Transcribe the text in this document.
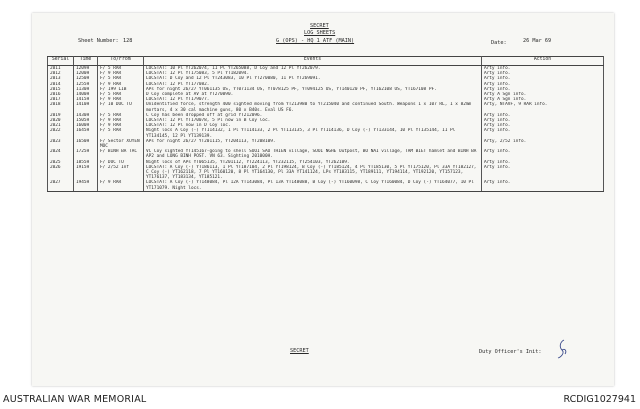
SECRET
LOG SHEETS
Sheet Number: 128	G (OPS) - HQ 1 ATF (MAIN)	Date:	26 Mar 69
Serial	Time	To/From	Events	Action
2011	1209H	F/ 5 RAR	LOCSTAT: 10 Pl YT262074, 11 Pl YT265088, D Coy and 12 Pl YT262079.	Arty info.
2012	1200H	F/ 9 RAR	LOCSTAT: 12 Pl YT175083, 5 Pl YT182094.	Arty info.
2013	1250H	F/ 5 RAR	LOCSTAT: D Coy and 12 Pl YT243083, 10 Pl YT270080, 11 Pl YT269091.	Arty info.
2014	1255H	F/ 9 RAR	LOCSTAT: 12 Pl YT177082.	Arty info.
2015	1130H	F/ 199 LIB	APs for night 26/27 YT061135 US, YT071134 US, YT078125 PF, YT094125 US, YT140120 PF, YT162108 US, YT167108 PF.	Arty info.
2016	1400H	F/ 5 RAR	D Coy complete at AV at YT270090.	Arty A Sgn info.
2017	1415H	F/ 9 RAR	LOCSTAT: 12 Pl YT179077.	Arty A Sgn info.
2018	1410H	F/ 10 DUC TU	Unidentified force, strength 400 sighted moving from YT213980 to YT215040 and continued South. Weapons 1 x 107 RL, 1 x 82mm mortars, 4 x 30 cal machine guns, 80 x B40s. Eval US F6.	Arty, NTAVF, 9 RAR info.
2019	1430H	F/ 5 RAR	C Coy has been dropped off at grid YT212096.	Arty info.
2020	1505H	F/ 9 RAR	LOCSTAT: 12 Pl YT170078, 5 Pl now in B Coy loc.	Arty info.
2021	1600H	F/ 9 RAR	LOCSTAT: 12 Pl now in D Coy loc.	Arty info.
2022	1645H	F/ 5 RAR	Night locs A Coy (-) YT114132, 1 Pl YT114133, 2 Pl YT113135, 3 Pl YT114136, D Coy (-) YT133144, 10 Pl YT135144, 11 Pl YT134145, 12 Pl YT139139.	Arty info.
2023	1650H	F/ Sector XUYEN MOC	APs for night 26/27 YT201115, YT204113, YT208109.	Arty, 2/52 info.
2024	1725H	F/ BINH BA TAC	VC Coy sighted YT145167-going to shell SUOI SAO THIEN village, SUOI NGHE Outpost, BO NAI village, TAM BIET hamlet and BINH BA AP2 and LONG BINH POST. VN 63. Sighting 201000H.	Arty info.
2025	1855H	F/ DUC TU	Night locs of APs YT065135, YT201112, YT224113, YT232115, YT254103, YT262109.	Arty info.
2026	1915H	F/ 2/52 Inf	LOCSTAT: A Coy (-) YT186113, 1 Pl YT187104, 2 Pl YT198124, B Coy (-) YT185124, 4 Pl YT185130, 5 Pl YT175120, Pl 33A YT182127, C Coy (-) YT162118, 7 Pl YT160120, 8 Pl YT164130, Pl 33A YT141124, LPs YT183115, YT189111, YT194114, YT192120, YT157123, YT176137, YT183134, YT185121.	Arty info.
2027	1945H	F/ 9 RAR	LOCSTAT: A Coy (-) YT148084, Pl 12A YT143084, Pl 13A YT148088, B Coy (-) YT160098, C Coy YT160084, D Coy (-) YT164077, 10 Pl YT171079. Night locs.	Arty info.
SECRET	Duty Officer's Init:
AUSTRALIAN WAR MEMORIAL	RCDIG1027941
